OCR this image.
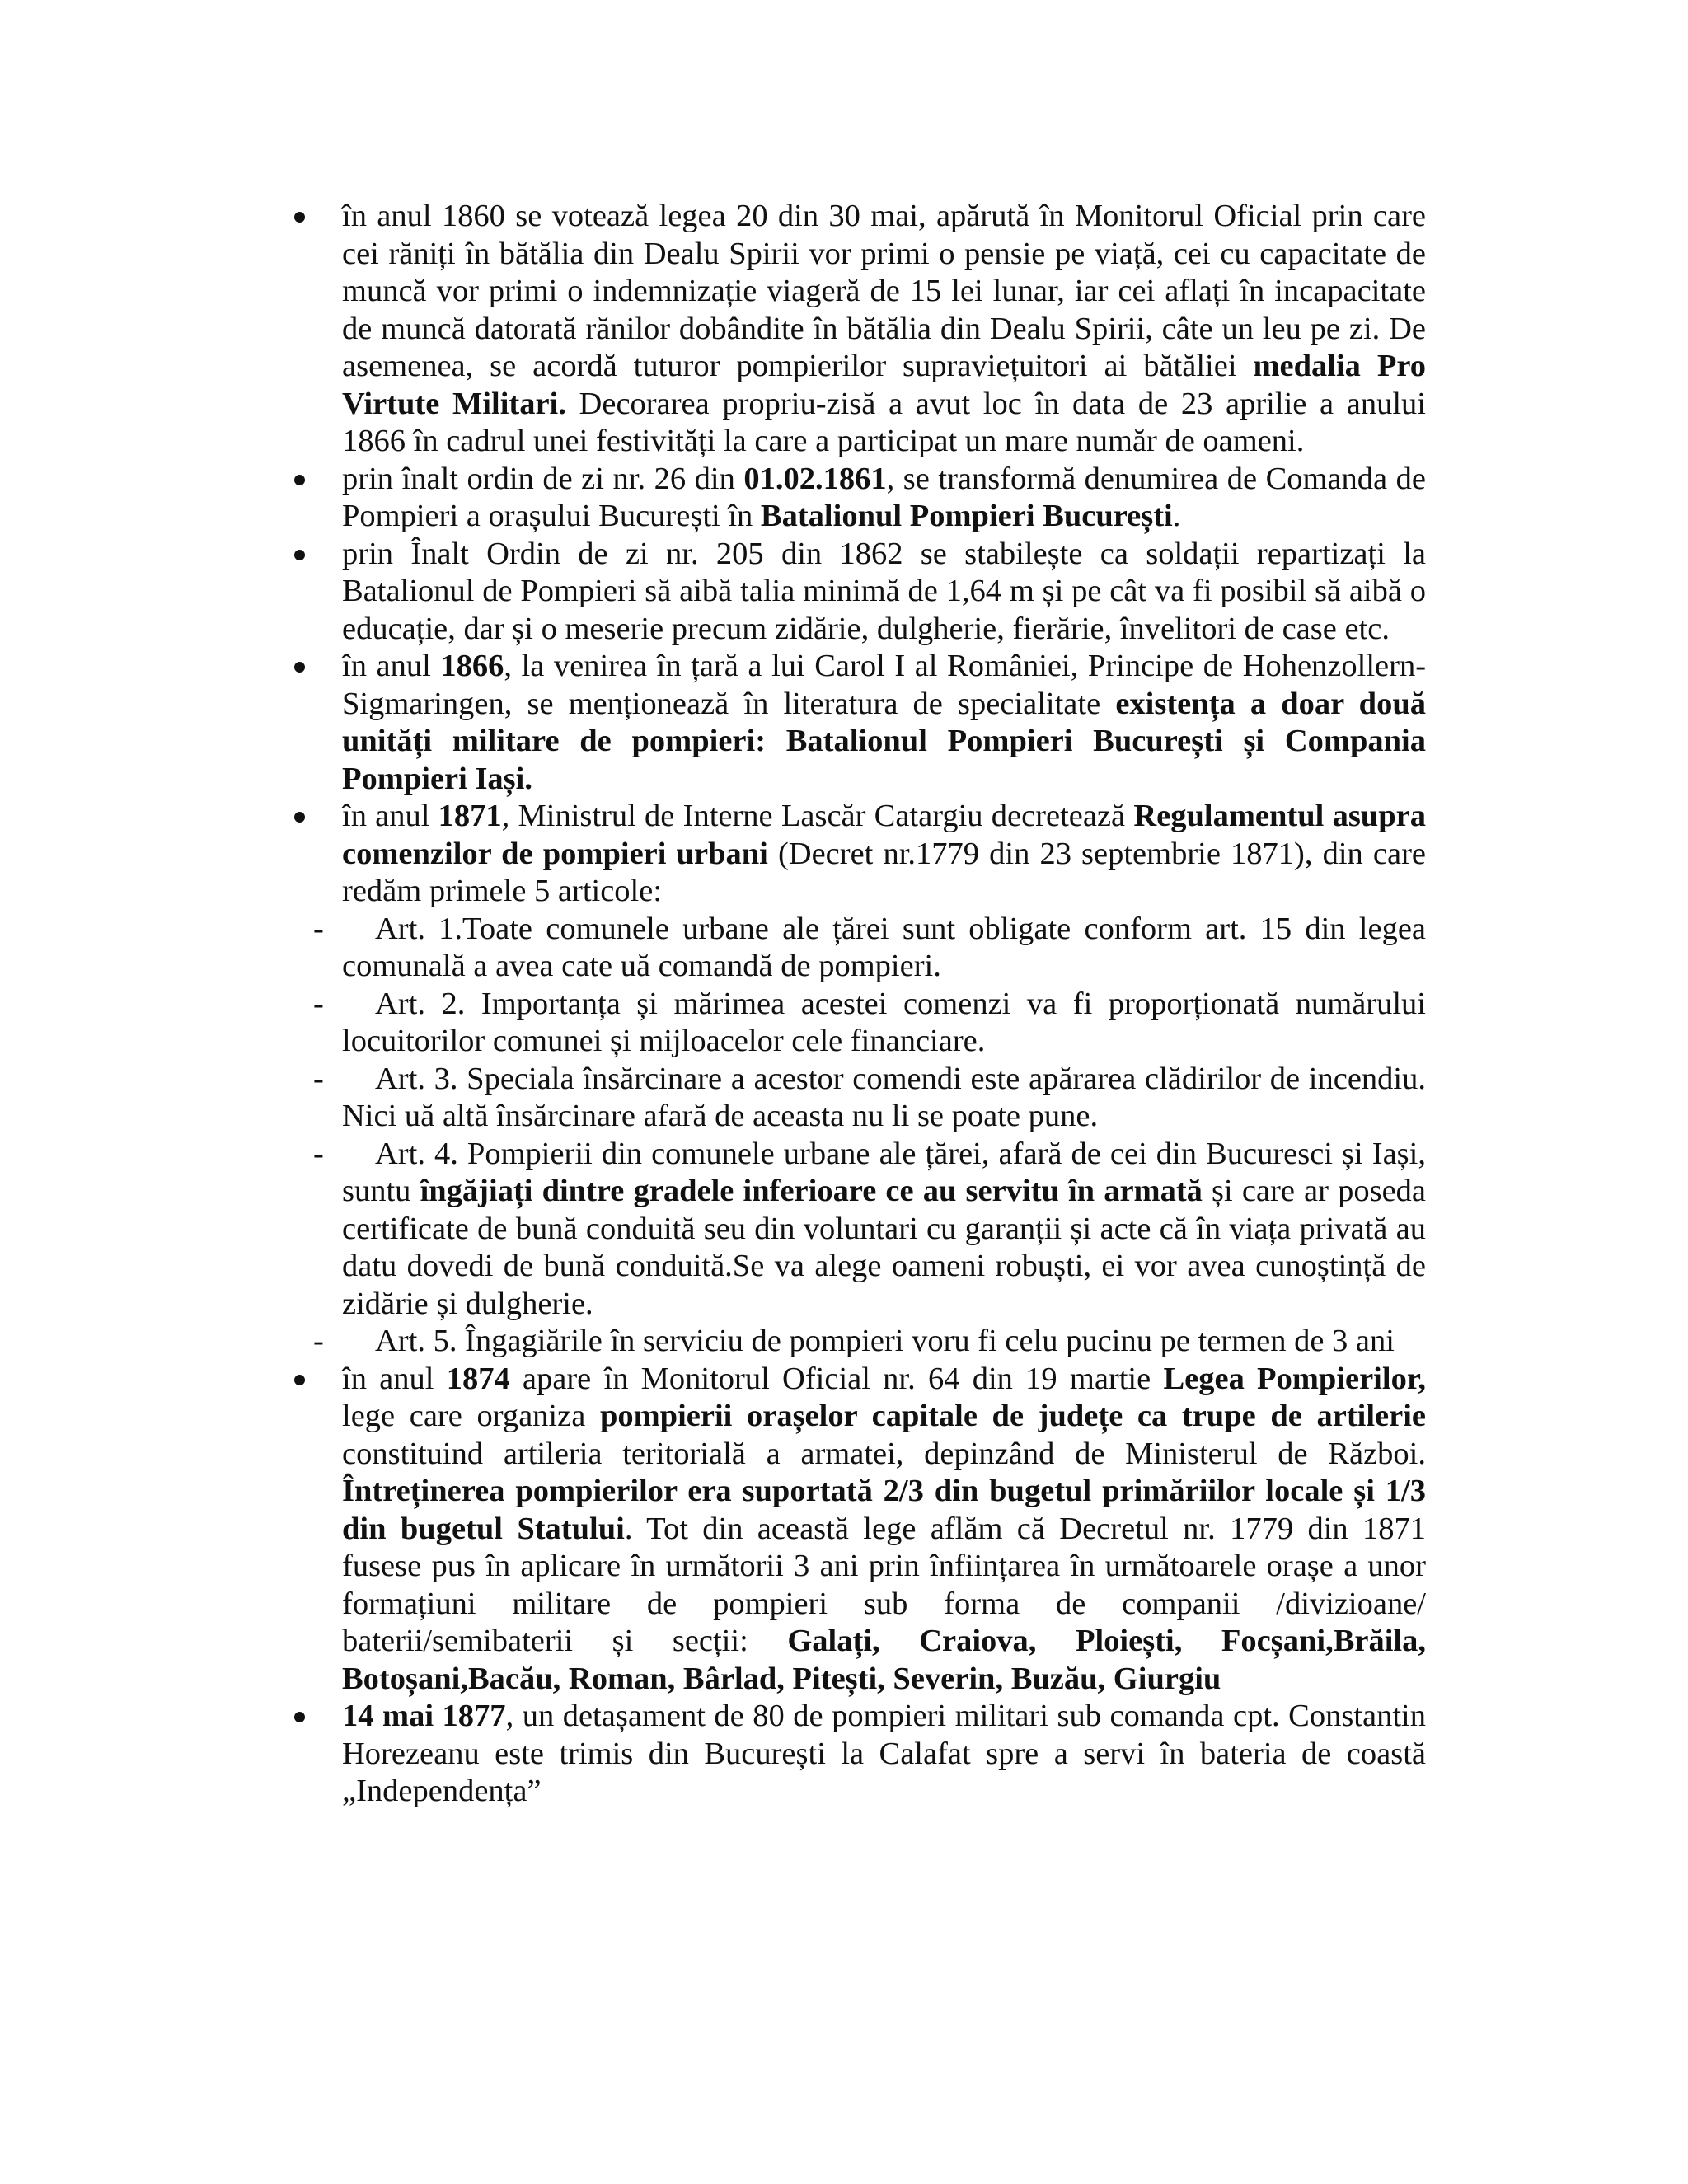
în anul 1860 se votează legea 20 din 30 mai, apărută în Monitorul Oficial prin care cei răniți în bătălia din Dealu Spirii vor primi o pensie pe viață, cei cu capacitate de muncă vor primi o indemnizație viageră de 15 lei lunar, iar cei aflați în incapacitate de muncă datorată rănilor dobândite în bătălia din Dealu Spirii, câte un leu pe zi. De asemenea, se acordă tuturor pompierilor supraviețuitori ai bătăliei medalia Pro Virtute Militari. Decorarea propriu-zisă a avut loc în data de 23 aprilie a anului 1866 în cadrul unei festivități la care a participat un mare număr de oameni.
prin înalt ordin de zi nr. 26 din 01.02.1861, se transformă denumirea de Comanda de Pompieri a orașului București în Batalionul Pompieri București.
prin Înalt Ordin de zi nr. 205 din 1862 se stabilește ca soldații repartizați la Batalionul de Pompieri să aibă talia minimă de 1,64 m și pe cât va fi posibil să aibă o educație, dar și o meserie precum zidărie, dulgherie, fierărie, învelitori de case etc.
în anul 1866, la venirea în țară a lui Carol I al României, Principe de Hohenzollern-Sigmaringen, se menționează în literatura de specialitate existența a doar două unități militare de pompieri: Batalionul Pompieri București și Compania Pompieri Iași.
în anul 1871, Ministrul de Interne Lascăr Catargiu decretează Regulamentul asupra comenzilor de pompieri urbani (Decret nr.1779 din 23 septembrie 1871), din care redăm primele 5 articole:
-
Art. 1.Toate comunele urbane ale țărei sunt obligate conform art. 15 din legea comunală a avea cate uă comandă de pompieri.
-
Art. 2. Importanța și mărimea acestei comenzi va fi proporționată numărului locuitorilor comunei și mijloacelor cele financiare.
-
Art. 3. Speciala însărcinare a acestor comendi este apărarea clădirilor de incendiu. Nici uă altă însărcinare afară de aceasta nu li se poate pune.
-
Art. 4. Pompierii din comunele urbane ale țărei, afară de cei din Bucuresci și Iași, suntu îngăjiați dintre gradele inferioare ce au servitu în armată și care ar poseda certificate de bună conduită seu din voluntari cu garanții și acte că în viața privată au datu dovedi de bună conduită.Se va alege oameni robuști, ei vor avea cunoștință de zidărie și dulgherie.
-
Art. 5. Îngagiările în serviciu de pompieri voru fi celu pucinu pe termen de 3 ani
în anul 1874 apare în Monitorul Oficial nr. 64 din 19 martie Legea Pompierilor, lege care organiza pompierii orașelor capitale de județe ca trupe de artilerie constituind artileria teritorială a armatei, depinzând de Ministerul de Război. Întreținerea pompierilor era suportată 2/3 din bugetul primăriilor locale și 1/3 din bugetul Statului. Tot din această lege aflăm că Decretul nr. 1779 din 1871 fusese pus în aplicare în următorii 3 ani prin înființarea în următoarele orașe a unor formațiuni militare de pompieri sub forma de companii /divizioane/ baterii/semibaterii și secții: Galați, Craiova, Ploiești, Focșani,Brăila, Botoșani,Bacău, Roman, Bârlad, Pitești, Severin, Buzău, Giurgiu
14 mai 1877, un detașament de 80 de pompieri militari sub comanda cpt. Constantin Horezeanu este trimis din București la Calafat spre a servi în bateria de coastă „Independența”
